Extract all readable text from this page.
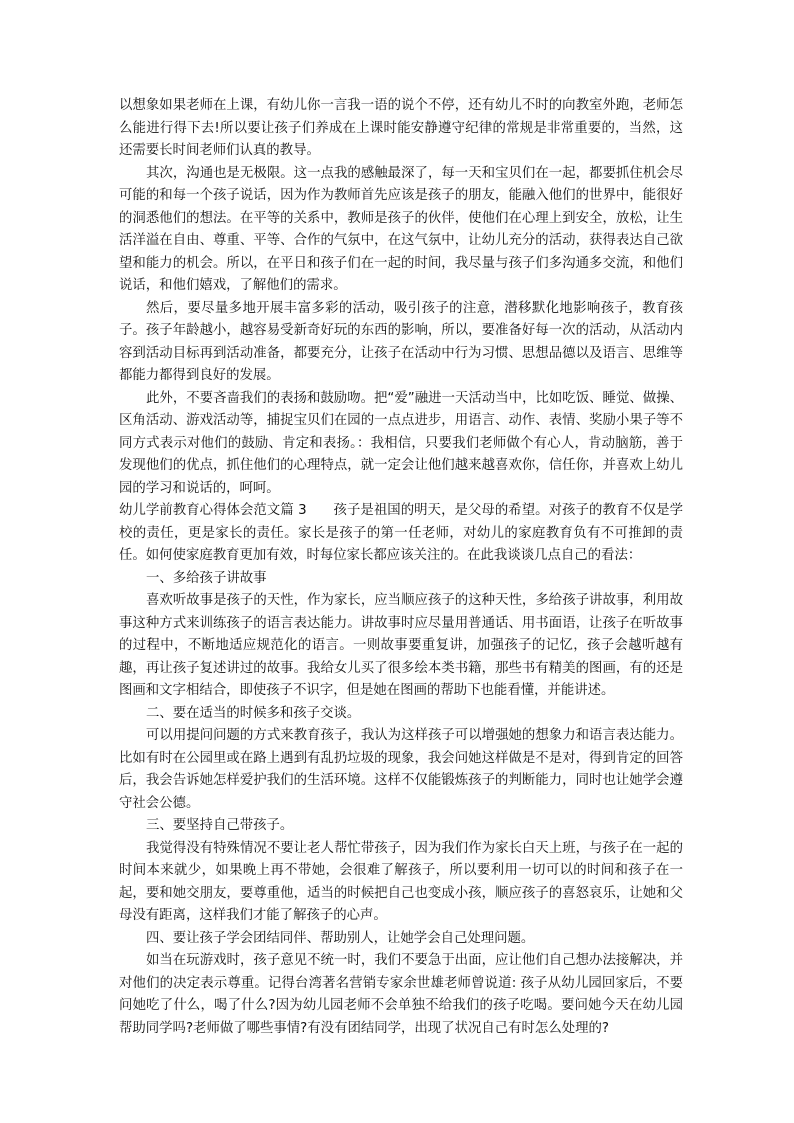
以想象如果老师在上课，有幼儿你一言我一语的说个不停，还有幼儿不时的向教室外跑，老师怎么能进行得下去!所以要让孩子们养成在上课时能安静遵守纪律的常规是非常重要的，当然，这还需要长时间老师们认真的教导。

其次，沟通也是无极限。这一点我的感触最深了，每一天和宝贝们在一起，都要抓住机会尽可能的和每一个孩子说话，因为作为教师首先应该是孩子的朋友，能融入他们的世界中，能很好的洞悉他们的想法。在平等的关系中，教师是孩子的伙伴，使他们在心理上到安全，放松，让生活洋溢在自由、尊重、平等、合作的气氛中，在这气氛中，让幼儿充分的活动，获得表达自己欲望和能力的机会。所以，在平日和孩子们在一起的时间，我尽量与孩子们多沟通多交流，和他们说话，和他们嬉戏，了解他们的需求。

然后，要尽量多地开展丰富多彩的活动，吸引孩子的注意，潜移默化地影响孩子，教育孩子。孩子年龄越小，越容易受新奇好玩的东西的影响，所以，要准备好每一次的活动，从活动内容到活动目标再到活动准备，都要充分，让孩子在活动中行为习惯、思想品德以及语言、思维等都能力都得到良好的发展。

此外，不要吝啬我们的表扬和鼓励吻。把“爱”融进一天活动当中，比如吃饭、睡觉、做操、区角活动、游戏活动等，捕捉宝贝们在园的一点点进步，用语言、动作、表情、奖励小果子等不同方式表示对他们的鼓励、肯定和表扬。：我相信，只要我们老师做个有心人，肯动脑筋，善于发现他们的优点，抓住他们的心理特点，就一定会让他们越来越喜欢你，信任你，并喜欢上幼儿园的学习和说话的，呵呵。

幼儿学前教育心得体会范文篇 3　　孩子是祖国的明天，是父母的希望。对孩子的教育不仅是学校的责任，更是家长的责任。家长是孩子的第一任老师，对幼儿的家庭教育负有不可推卸的责任。如何使家庭教育更加有效，时每位家长都应该关注的。在此我谈谈几点自己的看法：

一、多给孩子讲故事

喜欢听故事是孩子的天性，作为家长，应当顺应孩子的这种天性，多给孩子讲故事，利用故事这种方式来训练孩子的语言表达能力。讲故事时应尽量用普通话、用书面语，让孩子在听故事的过程中，不断地适应规范化的语言。一则故事要重复讲，加强孩子的记忆，孩子会越听越有趣，再让孩子复述讲过的故事。我给女儿买了很多绘本类书籍，那些书有精美的图画，有的还是图画和文字相结合，即使孩子不识字，但是她在图画的帮助下也能看懂，并能讲述。

二、要在适当的时候多和孩子交谈。

可以用提问问题的方式来教育孩子，我认为这样孩子可以增强她的想象力和语言表达能力。比如有时在公园里或在路上遇到有乱扔垃圾的现象，我会问她这样做是不是对，得到肯定的回答后，我会告诉她怎样爱护我们的生活环境。这样不仅能锻炼孩子的判断能力，同时也让她学会遵守社会公德。

三、要坚持自己带孩子。

我觉得没有特殊情况不要让老人帮忙带孩子，因为我们作为家长白天上班，与孩子在一起的时间本来就少，如果晚上再不带她，会很难了解孩子，所以要利用一切可以的时间和孩子在一起，要和她交朋友，要尊重他，适当的时候把自己也变成小孩，顺应孩子的喜怒哀乐，让她和父母没有距离，这样我们才能了解孩子的心声。

四、要让孩子学会团结同伴、帮助别人，让她学会自己处理问题。

如当在玩游戏时，孩子意见不统一时，我们不要急于出面，应让他们自己想办法接解决，并对他们的决定表示尊重。记得台湾著名营销专家余世雄老师曾说道: 孩子从幼儿园回家后，不要问她吃了什么，喝了什么?因为幼儿园老师不会单独不给我们的孩子吃喝。要问她今天在幼儿园帮助同学吗?老师做了哪些事情?有没有团结同学，出现了状况自己有时怎么处理的?
